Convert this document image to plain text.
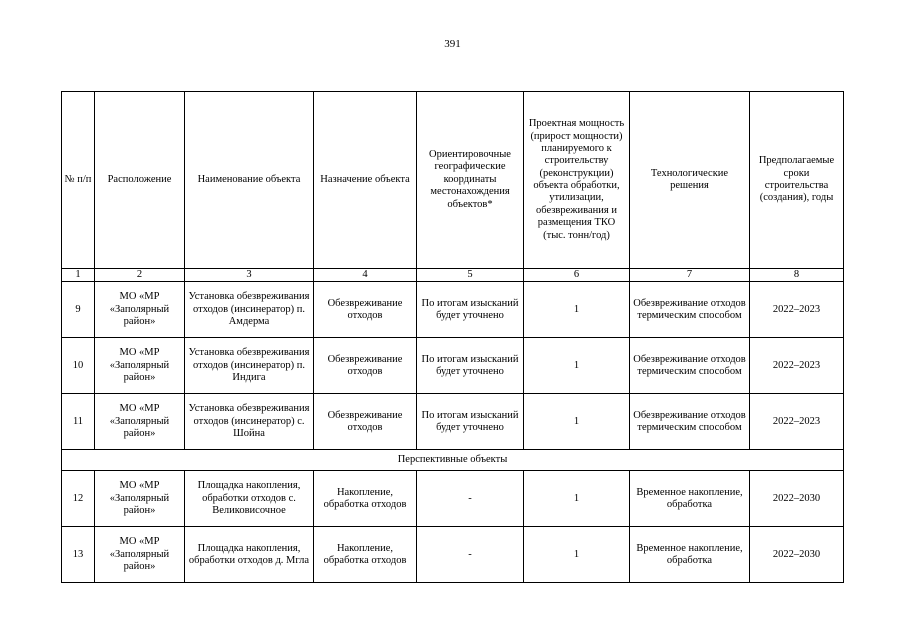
391
№ п/п	Расположение	Наименование объекта	Назначение объекта	Ориентировочные географические координаты местонахождения объектов*	Проектная мощность (прирост мощности) планируемого к строительству (реконструкции) объекта обработки, утилизации, обезвреживания и размещения ТКО (тыс. тонн/год)	Технологические решения	Предполагаемые сроки строительства (создания), годы
1	2	3	4	5	6	7	8
9	МО «МР «Заполярный район»	Установка обезвреживания отходов (инсинератор) п. Амдерма	Обезвреживание отходов	По итогам изысканий будет уточнено	1	Обезвреживание отходов термическим способом	2022–2023
10	МО «МР «Заполярный район»	Установка обезвреживания отходов (инсинератор) п. Индига	Обезвреживание отходов	По итогам изысканий будет уточнено	1	Обезвреживание отходов термическим способом	2022–2023
11	МО «МР «Заполярный район»	Установка обезвреживания отходов (инсинератор) с. Шойна	Обезвреживание отходов	По итогам изысканий будет уточнено	1	Обезвреживание отходов термическим способом	2022–2023
Перспективные объекты							
12	МО «МР «Заполярный район»	Площадка накопления, обработки отходов с. Великовисочное	Накопление, обработка отходов	-	1	Временное накопление, обработка	2022–2030
13	МО «МР «Заполярный район»	Площадка накопления, обработки отходов д. Мгла	Накопление, обработка отходов	-	1	Временное накопление, обработка	2022–2030
